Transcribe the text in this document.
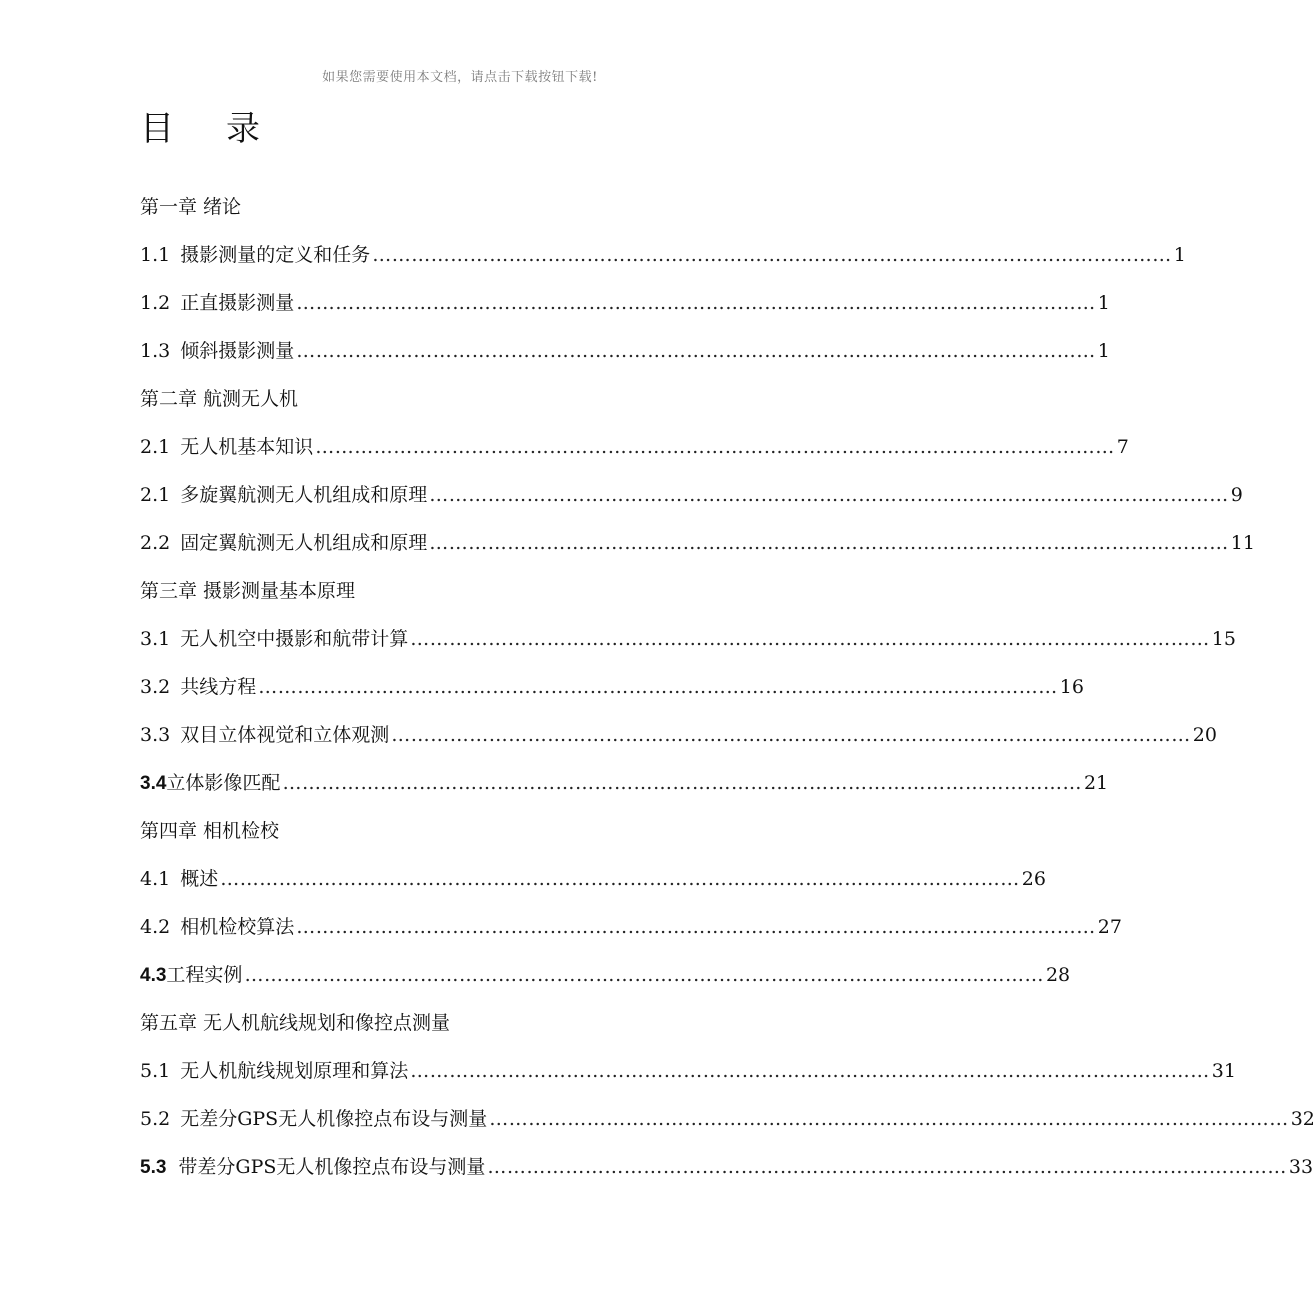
如果您需要使用本文档，请点击下载按钮下载!
目录
第一章 绪论
1.1 摄影测量的定义和任务 …………………………………………………………………………………………………………… 1
1.2 正直摄影测量 …………………………………………………………………………………………………………… 1
1.3 倾斜摄影测量 …………………………………………………………………………………………………………… 1
第二章 航测无人机
2.1 无人机基本知识 …………………………………………………………………………………………………………… 7
2.1 多旋翼航测无人机组成和原理 …………………………………………………………………………………………………………… 9
2.2 固定翼航测无人机组成和原理 …………………………………………………………………………………………………………… 11
第三章 摄影测量基本原理
3.1 无人机空中摄影和航带计算 …………………………………………………………………………………………………………… 15
3.2 共线方程 …………………………………………………………………………………………………………… 16
3.3 双目立体视觉和立体观测 …………………………………………………………………………………………………………… 20
3.4 立体影像匹配 …………………………………………………………………………………………………………… 21
第四章 相机检校
4.1 概述 …………………………………………………………………………………………………………… 26
4.2 相机检校算法 …………………………………………………………………………………………………………… 27
4.3 工程实例 …………………………………………………………………………………………………………… 28
第五章 无人机航线规划和像控点测量
5.1 无人机航线规划原理和算法 …………………………………………………………………………………………………………… 31
5.2 无差分GPS无人机像控点布设与测量 …………………………………………………………………………………………………………… 32
5.3 带差分GPS无人机像控点布设与测量 …………………………………………………………………………………………………………… 33
